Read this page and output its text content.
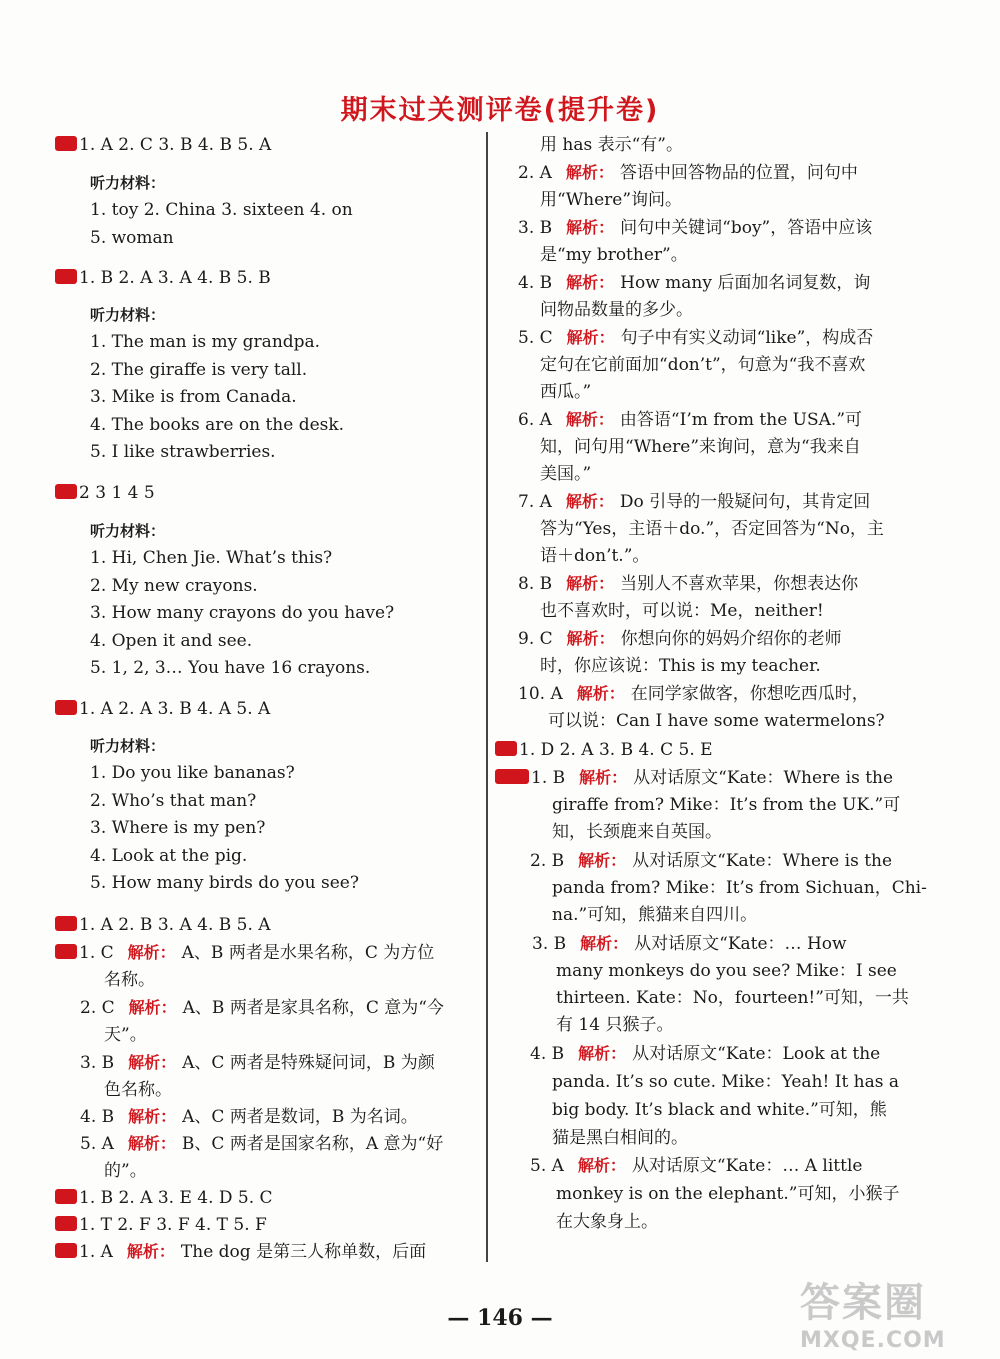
期末过关测评卷(提升卷)
1. A 2. C 3. B 4. B 5. A
听力材料：
1. toy 2. China 3. sixteen 4. on
5. woman
1. B 2. A 3. A 4. B 5. B
听力材料：
1. The man is my grandpa.
2. The giraffe is very tall.
3. Mike is from Canada.
4. The books are on the desk.
5. I like strawberries.
2 3 1 4 5
听力材料：
1. Hi, Chen Jie. What’s this?
2. My new crayons.
3. How many crayons do you have?
4. Open it and see.
5. 1, 2, 3… You have 16 crayons.
1. A 2. A 3. B 4. A 5. A
听力材料：
1. Do you like bananas?
2. Who’s that man?
3. Where is my pen?
4. Look at the pig.
5. How many birds do you see?
1. A 2. B 3. A 4. B 5. A
1. C 解析： A、B 两者是水果名称，C 为方位
名称。
2. C 解析： A、B 两者是家具名称，C 意为“今
天”。
3. B 解析： A、C 两者是特殊疑问词，B 为颜
色名称。
4. B 解析： A、C 两者是数词，B 为名词。
5. A 解析： B、C 两者是国家名称，A 意为“好
的”。
1. B 2. A 3. E 4. D 5. C
1. T 2. F 3. F 4. T 5. F
1. A 解析： The dog 是第三人称单数，后面
用 has 表示“有”。
2. A 解析： 答语中回答物品的位置，问句中
用“Where”询问。
3. B 解析： 问句中关键词“boy”，答语中应该
是“my brother”。
4. B 解析： How many 后面加名词复数，询
问物品数量的多少。
5. C 解析： 句子中有实义动词“like”，构成否
定句在它前面加“don’t”，句意为“我不喜欢
西瓜。”
6. A 解析： 由答语“I’m from the USA.”可
知，问句用“Where”来询问，意为“我来自
美国。”
7. A 解析： Do 引导的一般疑问句，其肯定回
答为“Yes，主语＋do.”，否定回答为“No，主
语＋don’t.”。
8. B 解析： 当别人不喜欢苹果，你想表达你
也不喜欢时，可以说：Me，neither!
9. C 解析： 你想向你的妈妈介绍你的老师
时，你应该说：This is my teacher.
10. A 解析： 在同学家做客，你想吃西瓜时，
可以说：Can I have some watermelons?
1. D 2. A 3. B 4. C 5. E
1. B 解析： 从对话原文“Kate：Where is the
giraffe from? Mike：It’s from the UK.”可
知，长颈鹿来自英国。
2. B 解析： 从对话原文“Kate：Where is the
panda from? Mike：It’s from Sichuan，Chi-
na.”可知，熊猫来自四川。
3. B 解析： 从对话原文“Kate：… How
many monkeys do you see? Mike：I see
thirteen. Kate：No，fourteen!”可知，一共
有 14 只猴子。
4. B 解析： 从对话原文“Kate：Look at the
panda. It’s so cute. Mike：Yeah! It has a
big body. It’s black and white.”可知，熊
猫是黑白相间的。
5. A 解析： 从对话原文“Kate：… A little
monkey is on the elephant.”可知，小猴子
在大象身上。
— 146 —	答案圈
MXQE.COM
